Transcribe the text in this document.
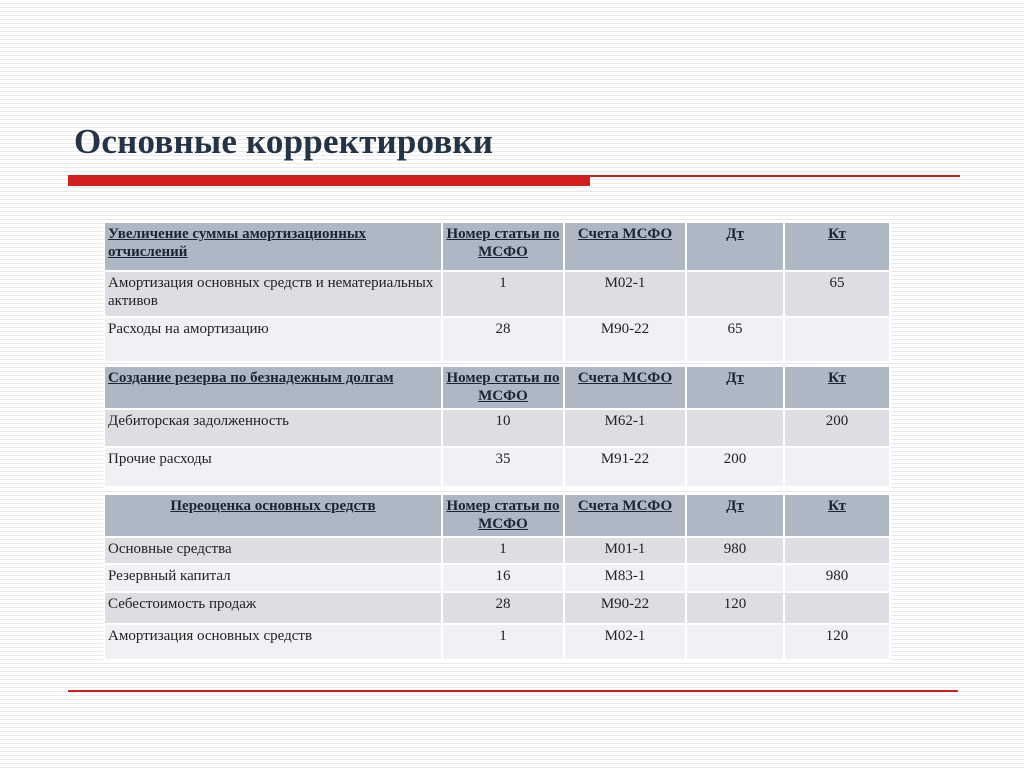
Основные корректировки
Увеличение суммы амортизационных отчислений	Номер статьи по МСФО	Счета МСФО	Дт	Кт
Амортизация основных средств и нематериальных активов	1	М02-1		65
Расходы на амортизацию	28	М90-22	65	
Создание резерва по безнадежным долгам	Номер статьи по МСФО	Счета МСФО	Дт	Кт
Дебиторская задолженность	10	М62-1		200
Прочие расходы	35	М91-22	200	
Переоценка основных средств	Номер статьи по МСФО	Счета МСФО	Дт	Кт
Основные средства	1	М01-1	980	
Резервный капитал	16	М83-1		980
Себестоимость продаж	28	М90-22	120	
Амортизация основных средств	1	М02-1		120
